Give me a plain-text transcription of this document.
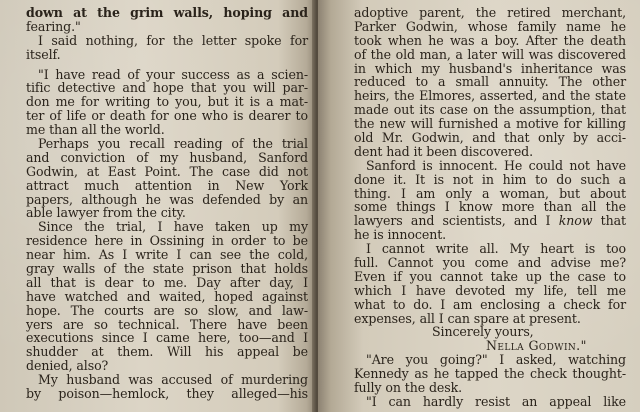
down at the grim walls, hoping and
fearing."
I said nothing, for the letter spoke for
itself.
"I have read of your success as a scien-
tific detective and hope that you will par-
don me for writing to you, but it is a mat-
ter of life or death for one who is dearer to
me than all the world.
Perhaps you recall reading of the trial
and conviction of my husband, Sanford
Godwin, at East Point. The case did not
attract much attention in New York
papers, although he was defended by an
able lawyer from the city.
Since the trial, I have taken up my
residence here in Ossining in order to be
near him. As I write I can see the cold,
gray walls of the state prison that holds
all that is dear to me. Day after day, I
have watched and waited, hoped against
hope. The courts are so slow, and law-
yers are so technical. There have been
executions since I came here, too—and I
shudder at them. Will his appeal be
denied, also?
My husband was accused of murdering
by poison—hemlock, they alleged—his
adoptive parent, the retired merchant,
Parker Godwin, whose family name he
took when he was a boy. After the death
of the old man, a later will was discovered
in which my husband's inheritance was
reduced to a small annuity. The other
heirs, the Elmores, asserted, and the state
made out its case on the assumption, that
the new will furnished a motive for killing
old Mr. Godwin, and that only by acci-
dent had it been discovered.
Sanford is innocent. He could not have
done it. It is not in him to do such a
thing. I am only a woman, but about
some things I know more than all the
lawyers and scientists, and I know that
he is innocent.
I cannot write all. My heart is too
full. Cannot you come and advise me?
Even if you cannot take up the case to
which I have devoted my life, tell me
what to do. I am enclosing a check for
expenses, all I can spare at present.
Sincerely yours,
Nella Godwin."
"Are you going?" I asked, watching
Kennedy as he tapped the check thought-
fully on the desk.
"I can hardly resist an appeal like
